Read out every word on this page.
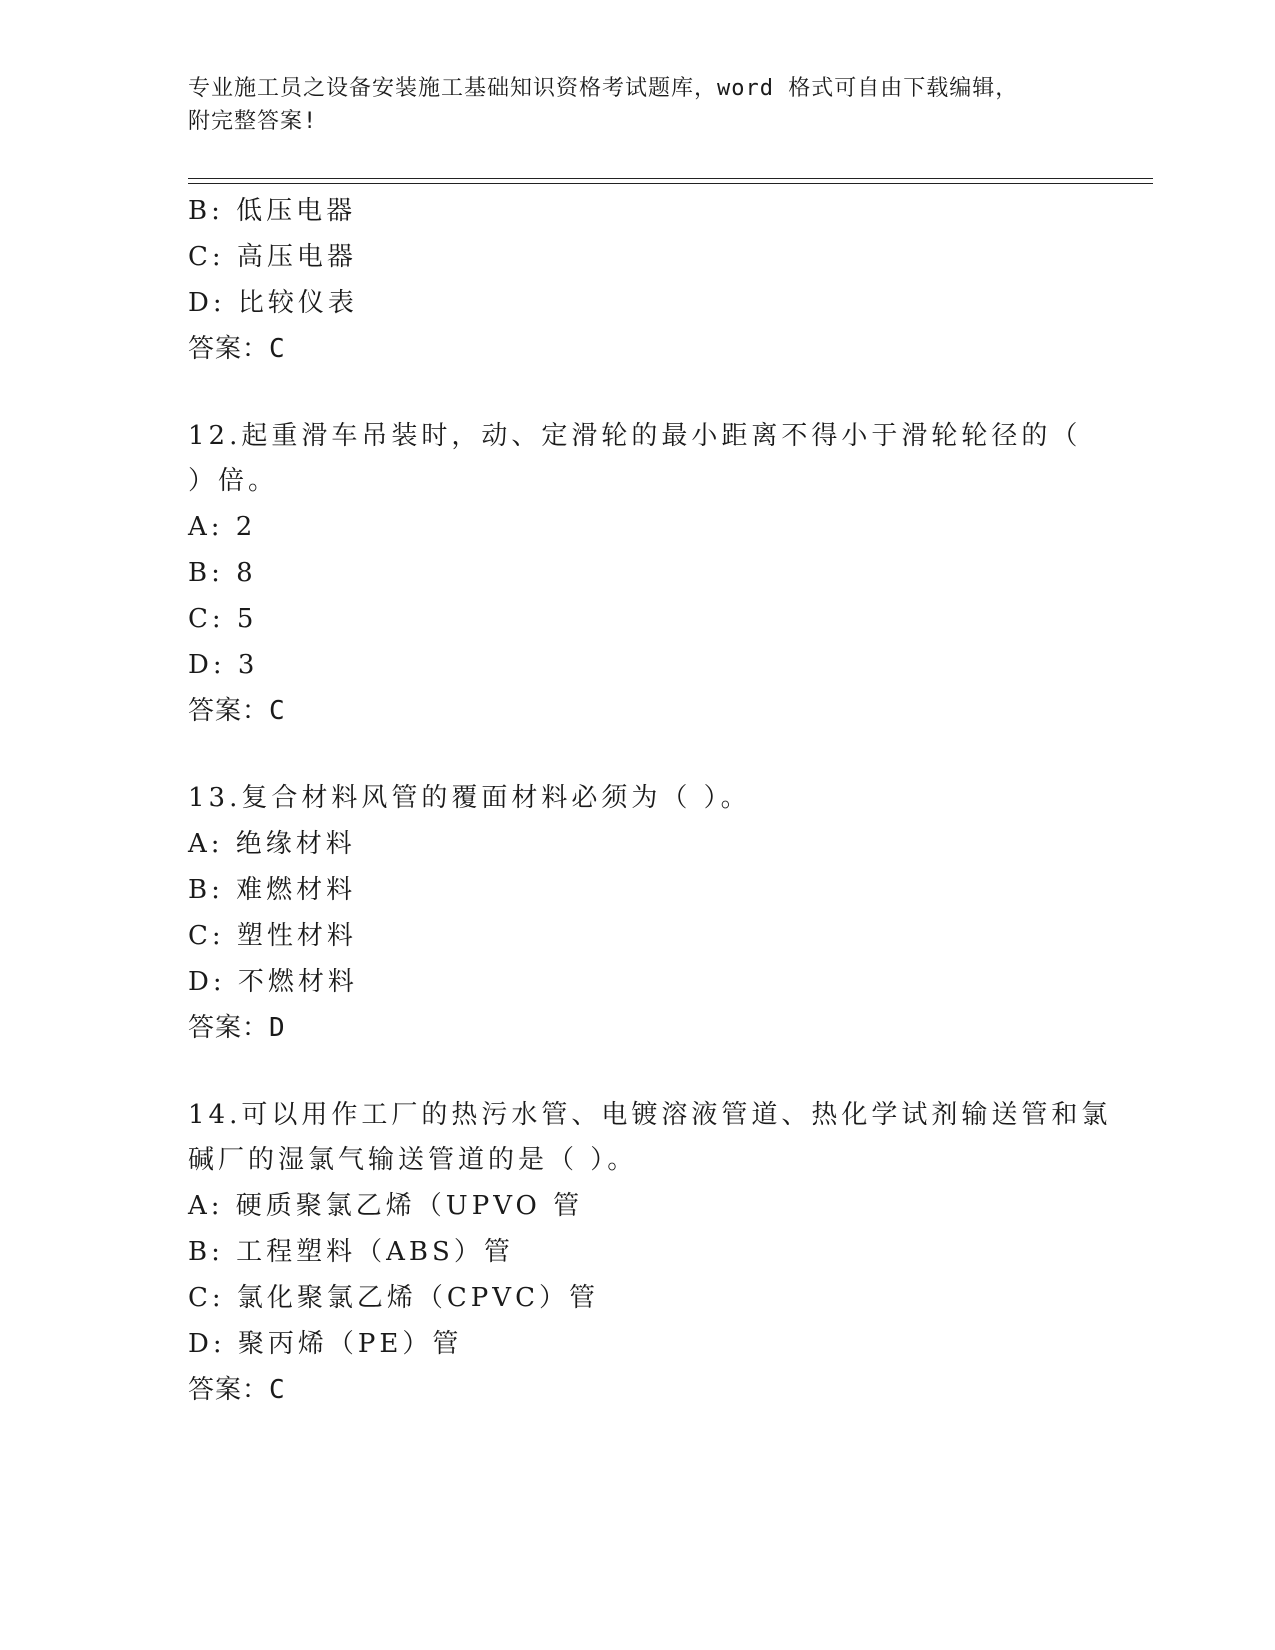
专业施工员之设备安装施工基础知识资格考试题库，word 格式可自由下载编辑，
附完整答案!
B: 低压电器
C: 高压电器
D: 比较仪表
答案：C
12.起重滑车吊装时，动、定滑轮的最小距离不得小于滑轮轮径的（
）倍。
A: 2
B: 8
C: 5
D: 3
答案：C
13.复合材料风管的覆面材料必须为（ ）。
A: 绝缘材料
B: 难燃材料
C: 塑性材料
D: 不燃材料
答案：D
14.可以用作工厂的热污水管、电镀溶液管道、热化学试剂输送管和氯
碱厂的湿氯气输送管道的是（ ）。
A: 硬质聚氯乙烯（UPVO 管
B: 工程塑料（ABS）管
C: 氯化聚氯乙烯（CPVC）管
D: 聚丙烯（PE）管
答案：C
